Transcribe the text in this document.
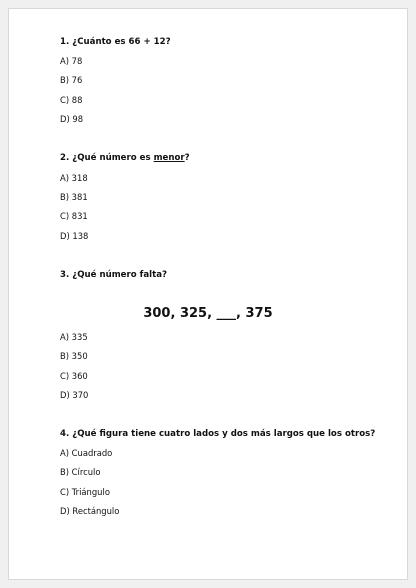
1. ¿Cuánto es 66 + 12?

A) 78

B) 76

C) 88

D) 98

2. ¿Qué número es menor?

A) 318

B) 381

C) 831

D) 138

3. ¿Qué número falta?

300, 325, ___, 375

A) 335

B) 350

C) 360

D) 370

4. ¿Qué figura tiene cuatro lados y dos más largos que los otros?

A) Cuadrado

B) Círculo

C) Triángulo

D) Rectángulo
